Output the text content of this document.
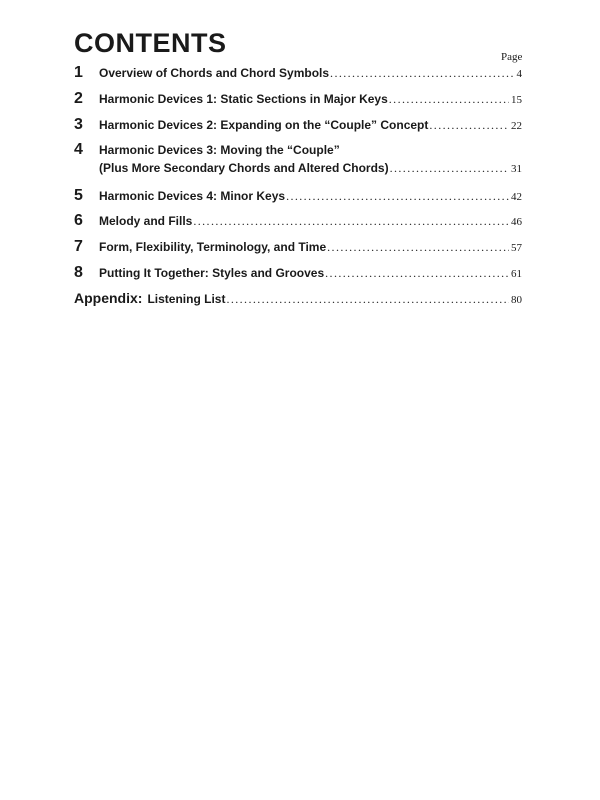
CONTENTS	Page
1	Overview of Chords and Chord Symbols .....	4
2	Harmonic Devices 1: Static Sections in Major Keys .....	15
3	Harmonic Devices 2: Expanding on the “Couple” Concept .....	22
4	Harmonic Devices 3: Moving the “Couple”
(Plus More Secondary Chords and Altered Chords) .....	31
5	Harmonic Devices 4: Minor Keys .....	42
6	Melody and Fills .....	46
7	Form, Flexibility, Terminology, and Time .....	57
8	Putting It Together: Styles and Grooves .....	61
Appendix: Listening List .....	80
